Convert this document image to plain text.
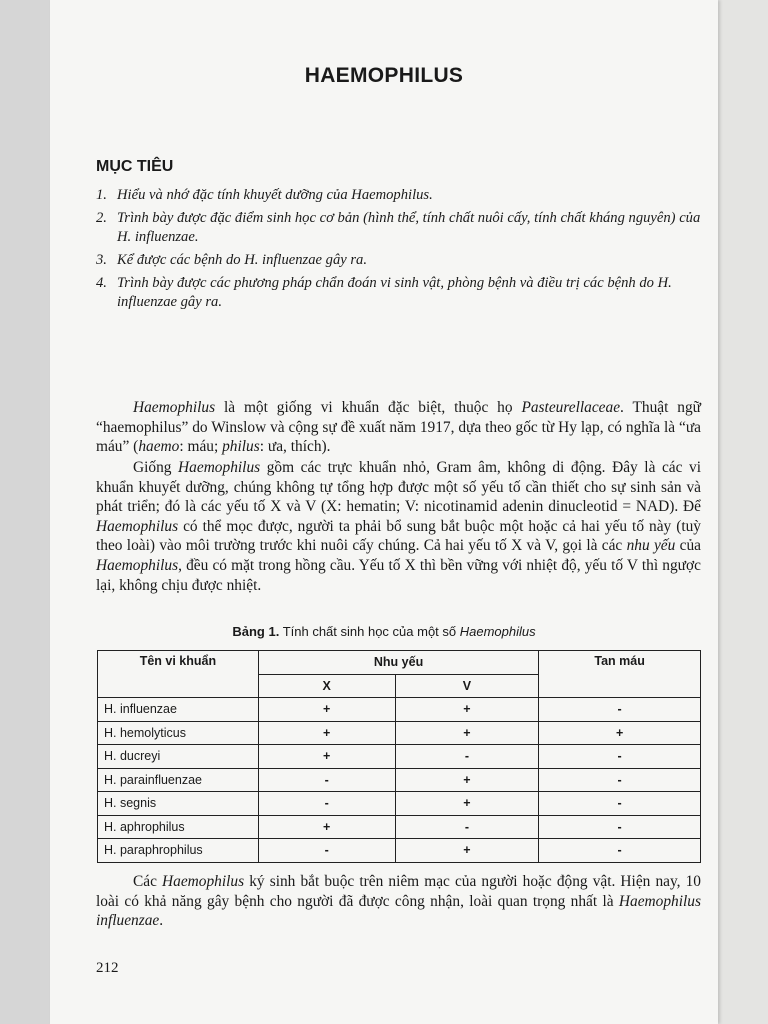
HAEMOPHILUS
MỤC TIÊU
1. Hiểu và nhớ đặc tính khuyết dưỡng của Haemophilus.
2. Trình bày được đặc điểm sinh học cơ bản (hình thể, tính chất nuôi cấy, tính chất kháng nguyên) của H. influenzae.
3. Kể được các bệnh do H. influenzae gây ra.
4. Trình bày được các phương pháp chẩn đoán vi sinh vật, phòng bệnh và điều trị các bệnh do H. influenzae gây ra.

Haemophilus là một giống vi khuẩn đặc biệt, thuộc họ Pasteurellaceae. Thuật ngữ “haemophilus” do Winslow và cộng sự đề xuất năm 1917, dựa theo gốc từ Hy lạp, có nghĩa là “ưa máu” (haemo: máu; philus: ưa, thích).

Giống Haemophilus gồm các trực khuẩn nhỏ, Gram âm, không di động. Đây là các vi khuẩn khuyết dưỡng, chúng không tự tổng hợp được một số yếu tố cần thiết cho sự sinh sản và phát triển; đó là các yếu tố X và V (X: hematin; V: nicotinamid adenin dinucleotid = NAD). Để Haemophilus có thể mọc được, người ta phải bổ sung bắt buộc một hoặc cả hai yếu tố này (tuỳ theo loài) vào môi trường trước khi nuôi cấy chúng. Cả hai yếu tố X và V, gọi là các nhu yếu của Haemophilus, đều có mặt trong hồng cầu. Yếu tố X thì bền vững với nhiệt độ, yếu tố V thì ngược lại, không chịu được nhiệt.

Bảng 1. Tính chất sinh học của một số Haemophilus
Tên vi khuẩn	Nhu yếu		Tan máu
	X	V	
H. influenzae	+	+	-
H. hemolyticus	+	+	+
H. ducreyi	+	-	-
H. parainfluenzae	-	+	-
H. segnis	-	+	-
H. aphrophilus	+	-	-
H. paraphrophilus	-	+	-

Các Haemophilus ký sinh bắt buộc trên niêm mạc của người hoặc động vật. Hiện nay, 10 loài có khả năng gây bệnh cho người đã được công nhận, loài quan trọng nhất là Haemophilus influenzae.

212
